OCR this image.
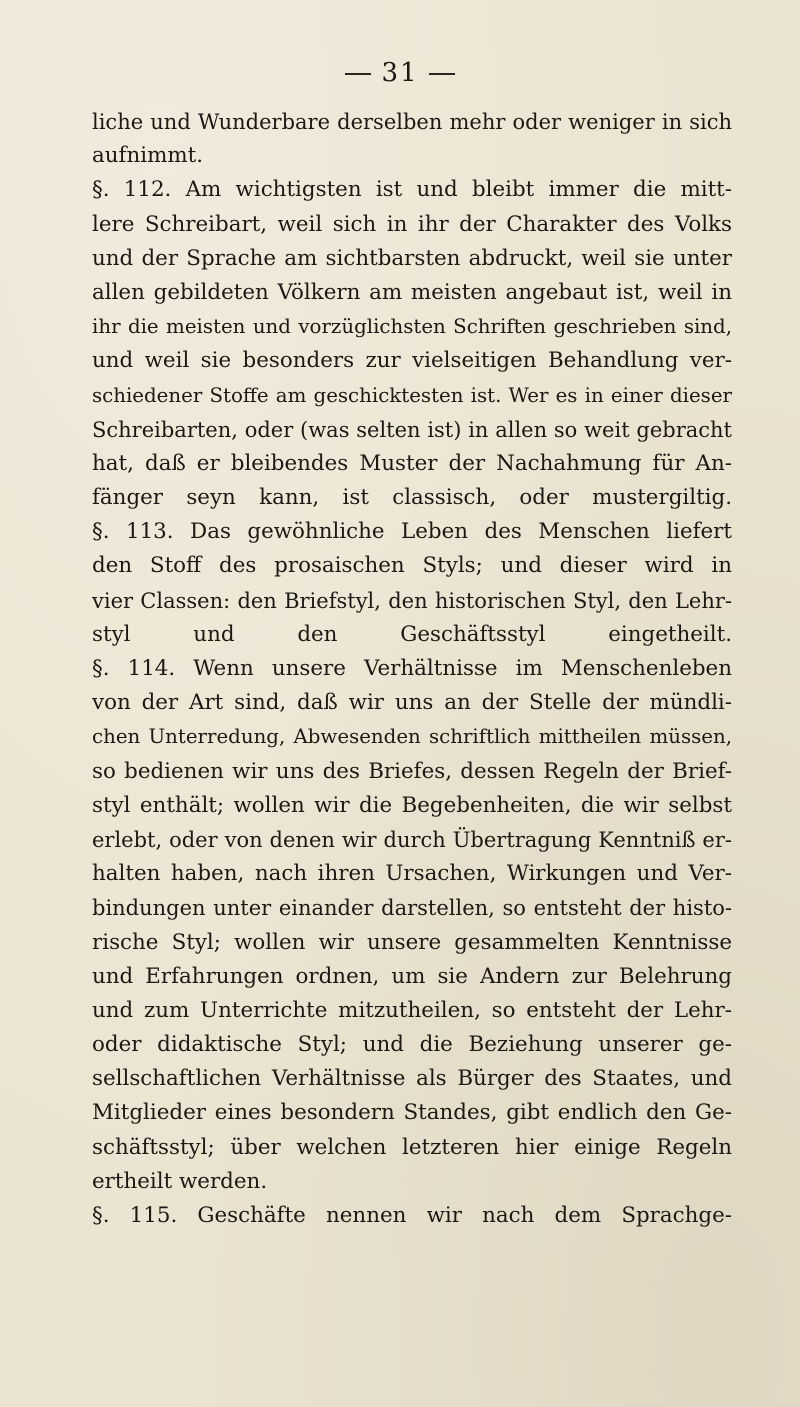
31
liche und Wunderbare derselben mehr oder weniger in sich
aufnimmt.
§. 112. Am wichtigsten ist und bleibt immer die mitt-
lere Schreibart, weil sich in ihr der Charakter des Volks
und der Sprache am sichtbarsten abdruckt, weil sie unter
allen gebildeten Völkern am meisten angebaut ist, weil in
ihr die meisten und vorzüglichsten Schriften geschrieben sind,
und weil sie besonders zur vielseitigen Behandlung ver-
schiedener Stoffe am geschicktesten ist. Wer es in einer dieser
Schreibarten, oder (was selten ist) in allen so weit gebracht
hat, daß er bleibendes Muster der Nachahmung für An-
fänger seyn kann, ist classisch, oder mustergiltig.
§. 113. Das gewöhnliche Leben des Menschen liefert
den Stoff des prosaischen Styls; und dieser wird in
vier Classen: den Briefstyl, den historischen Styl, den Lehr-
styl und den Geschäftsstyl eingetheilt.
§. 114. Wenn unsere Verhältnisse im Menschenleben
von der Art sind, daß wir uns an der Stelle der mündli-
chen Unterredung, Abwesenden schriftlich mittheilen müssen,
so bedienen wir uns des Briefes, dessen Regeln der Brief-
styl enthält; wollen wir die Begebenheiten, die wir selbst
erlebt, oder von denen wir durch Übertragung Kenntniß er-
halten haben, nach ihren Ursachen, Wirkungen und Ver-
bindungen unter einander darstellen, so entsteht der histo-
rische Styl; wollen wir unsere gesammelten Kenntnisse
und Erfahrungen ordnen, um sie Andern zur Belehrung
und zum Unterrichte mitzutheilen, so entsteht der Lehr-
oder didaktische Styl; und die Beziehung unserer ge-
sellschaftlichen Verhältnisse als Bürger des Staates, und
Mitglieder eines besondern Standes, gibt endlich den Ge-
schäftsstyl; über welchen letzteren hier einige Regeln
ertheilt werden.
§. 115. Geschäfte nennen wir nach dem Sprachge-
